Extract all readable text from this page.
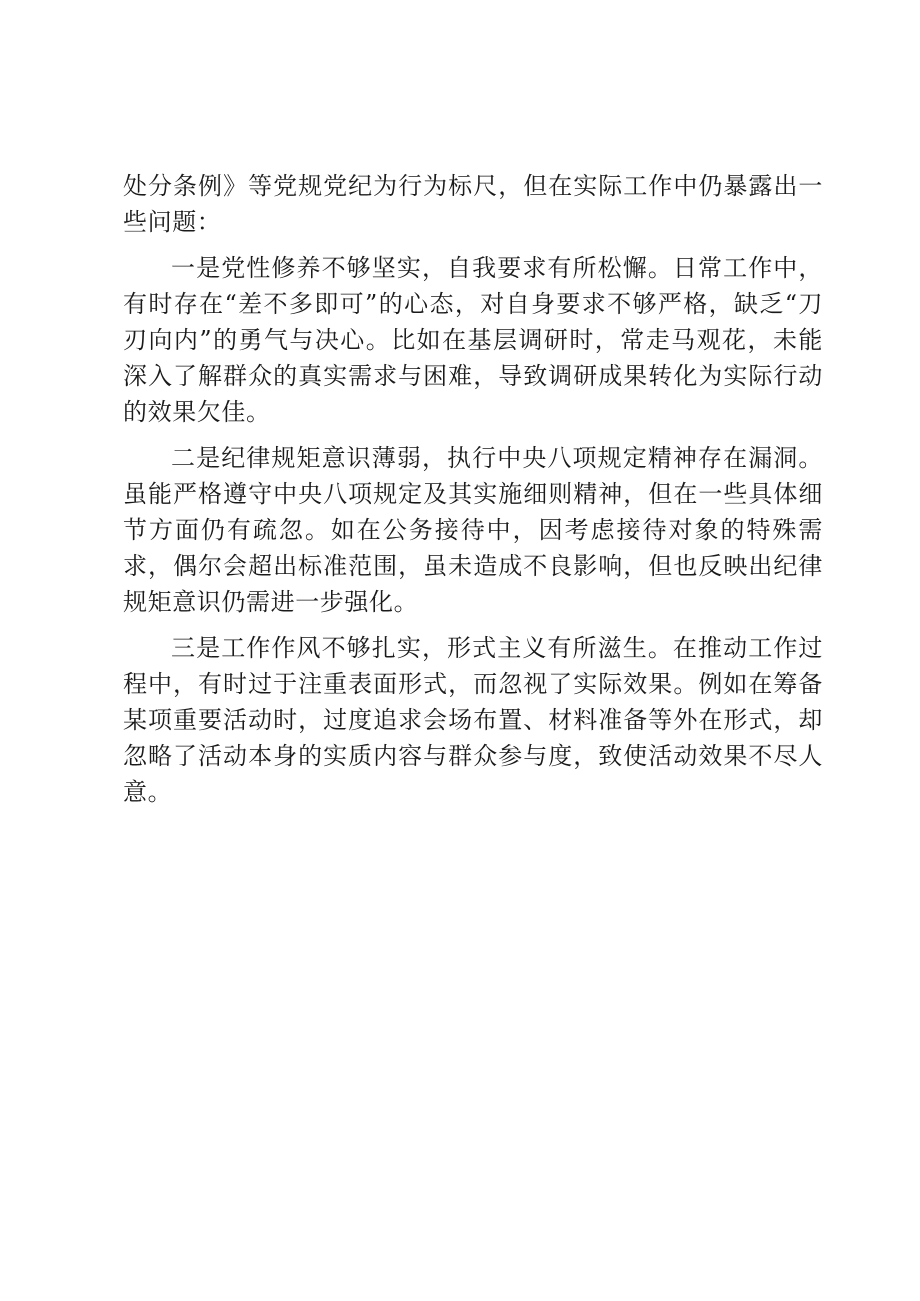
处分条例》等党规党纪为行为标尺，但在实际工作中仍暴露出一些问题：

一是党性修养不够坚实，自我要求有所松懈。日常工作中，有时存在“差不多即可”的心态，对自身要求不够严格，缺乏“刀刃向内”的勇气与决心。比如在基层调研时，常走马观花，未能深入了解群众的真实需求与困难，导致调研成果转化为实际行动的效果欠佳。

二是纪律规矩意识薄弱，执行中央八项规定精神存在漏洞。虽能严格遵守中央八项规定及其实施细则精神，但在一些具体细节方面仍有疏忽。如在公务接待中，因考虑接待对象的特殊需求，偶尔会超出标准范围，虽未造成不良影响，但也反映出纪律规矩意识仍需进一步强化。

三是工作作风不够扎实，形式主义有所滋生。在推动工作过程中，有时过于注重表面形式，而忽视了实际效果。例如在筹备某项重要活动时，过度追求会场布置、材料准备等外在形式，却忽略了活动本身的实质内容与群众参与度，致使活动效果不尽人意。
